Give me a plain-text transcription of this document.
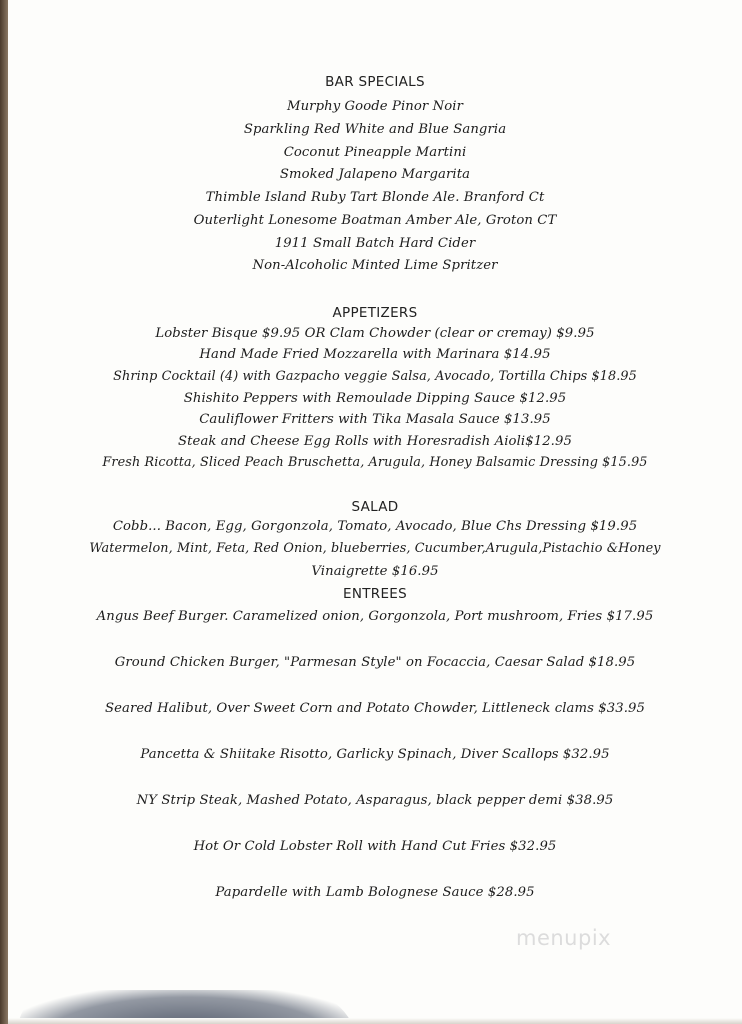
BAR SPECIALS
Murphy Goode Pinor Noir
Sparkling Red White and Blue Sangria
Coconut Pineapple Martini
Smoked Jalapeno Margarita
Thimble Island Ruby Tart Blonde Ale. Branford Ct
Outerlight Lonesome Boatman Amber Ale, Groton CT
1911 Small Batch Hard Cider
Non-Alcoholic Minted Lime Spritzer
APPETIZERS
Lobster Bisque $9.95 OR Clam Chowder (clear or cremay) $9.95
Hand Made Fried Mozzarella with Marinara $14.95
Shrinp Cocktail (4) with Gazpacho veggie Salsa, Avocado, Tortilla Chips $18.95
Shishito Peppers with Remoulade Dipping Sauce $12.95
Cauliflower Fritters with Tika Masala Sauce $13.95
Steak and Cheese Egg Rolls with Horesradish Aioli$12.95
Fresh Ricotta, Sliced Peach Bruschetta, Arugula, Honey Balsamic Dressing $15.95
SALAD
Cobb... Bacon, Egg, Gorgonzola, Tomato, Avocado, Blue Chs Dressing $19.95
Watermelon, Mint, Feta, Red Onion, blueberries, Cucumber,Arugula,Pistachio &Honey
Vinaigrette $16.95
ENTREES
Angus Beef Burger. Caramelized onion, Gorgonzola, Port mushroom, Fries $17.95
Ground Chicken Burger, "Parmesan Style" on Focaccia, Caesar Salad $18.95
Seared Halibut, Over Sweet Corn and Potato Chowder, Littleneck clams $33.95
Pancetta & Shiitake Risotto, Garlicky Spinach, Diver Scallops $32.95
NY Strip Steak, Mashed Potato, Asparagus, black pepper demi $38.95
Hot Or Cold Lobster Roll with Hand Cut Fries $32.95
Papardelle with Lamb Bolognese Sauce $28.95
menupix
